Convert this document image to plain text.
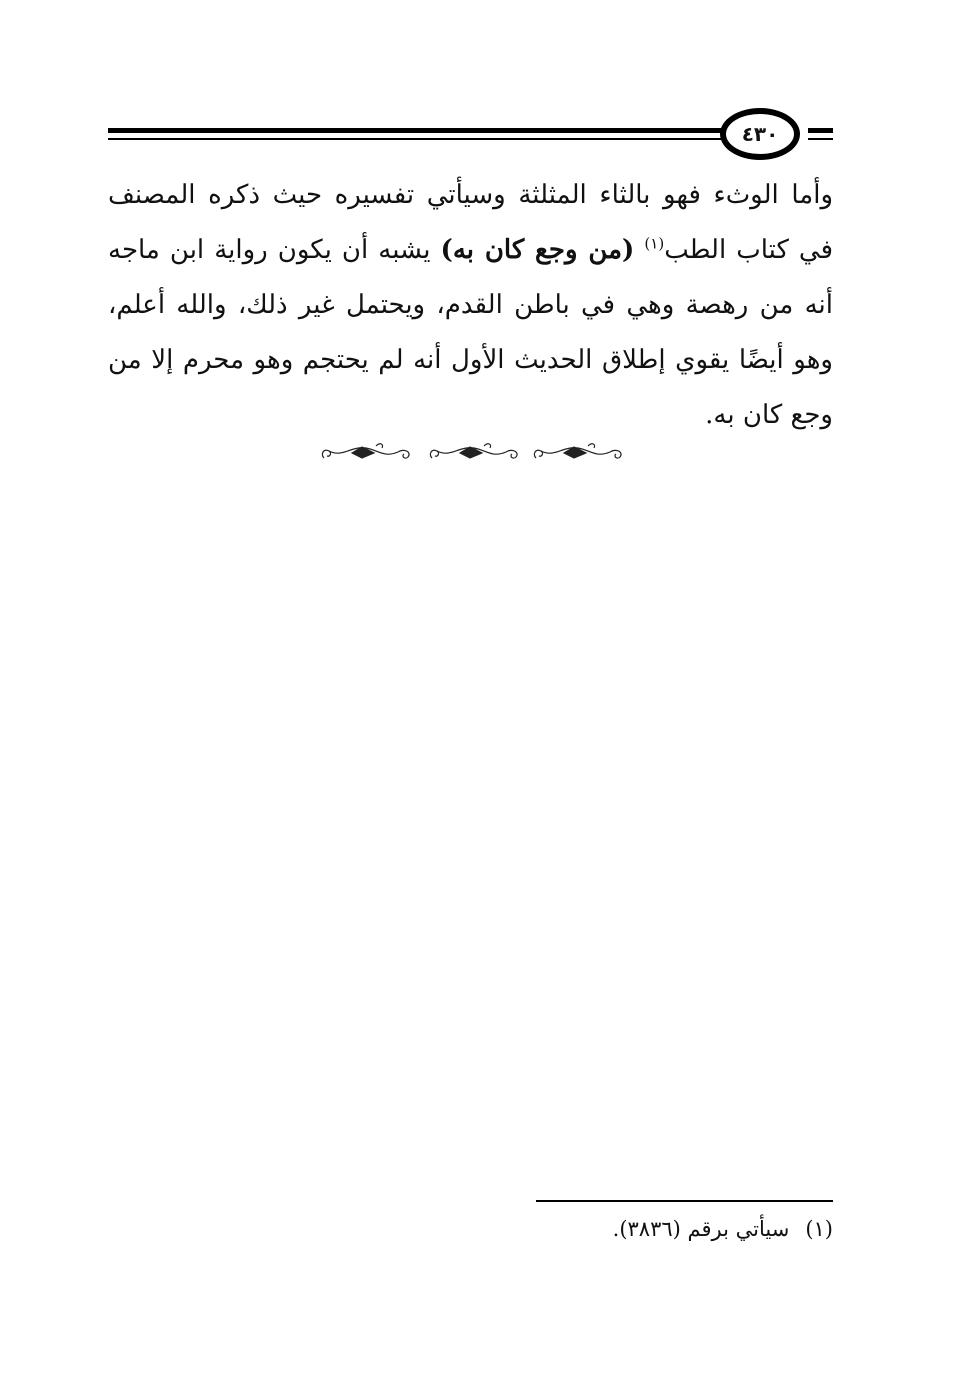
٤٣٠
وأما الوثء فهو بالثاء المثلثة وسيأتي تفسيره حيث ذكره المصنف في كتاب الطب$^{(١)}$ (من وجع كان به) يشبه أن يكون رواية ابن ماجه أنه من رهصة وهي في باطن القدم، ويحتمل غير ذلك، والله أعلم، وهو أيضًا يقوي إطلاق الحديث الأول أنه لم يحتجم وهو محرم إلا من وجع كان به.
(١)سيأتي برقم (٣٨٣٦).
